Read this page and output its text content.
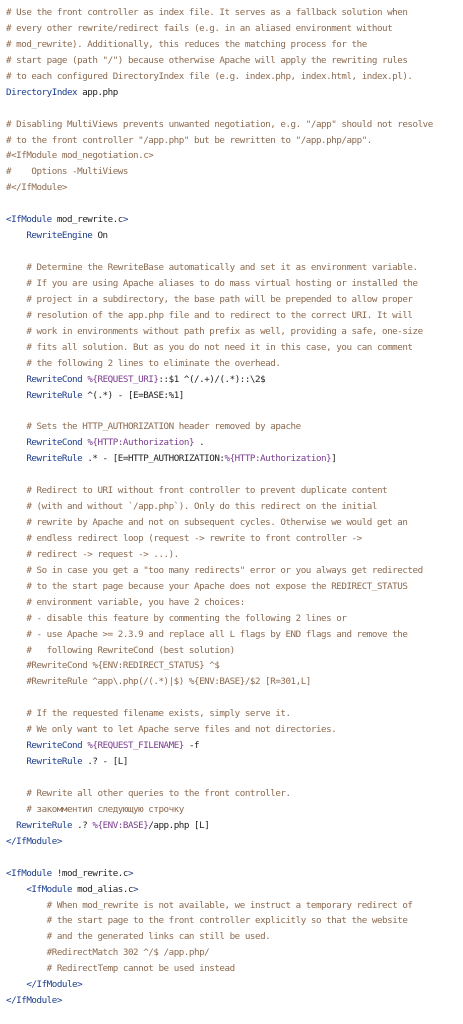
# Use the front controller as index file. It serves as a fallback solution when
# every other rewrite/redirect fails (e.g. in an aliased environment without
# mod_rewrite). Additionally, this reduces the matching process for the
# start page (path "/") because otherwise Apache will apply the rewriting rules
# to each configured DirectoryIndex file (e.g. index.php, index.html, index.pl).
DirectoryIndex app.php

# Disabling MultiViews prevents unwanted negotiation, e.g. "/app" should not resolve
# to the front controller "/app.php" but be rewritten to "/app.php/app".
#<IfModule mod_negotiation.c>
#    Options -MultiViews
#</IfModule>

<IfModule mod_rewrite.c>
RewriteEngine On

# Determine the RewriteBase automatically and set it as environment variable.
# If you are using Apache aliases to do mass virtual hosting or installed the
# project in a subdirectory, the base path will be prepended to allow proper
# resolution of the app.php file and to redirect to the correct URI. It will
# work in environments without path prefix as well, providing a safe, one-size
# fits all solution. But as you do not need it in this case, you can comment
# the following 2 lines to eliminate the overhead.
RewriteCond %{REQUEST_URI}::$1 ^(/.+)/(.*)::\2$
RewriteRule ^(.*) - [E=BASE:%1]

# Sets the HTTP_AUTHORIZATION header removed by apache
RewriteCond %{HTTP:Authorization} .
RewriteRule .* - [E=HTTP_AUTHORIZATION:%{HTTP:Authorization}]

# Redirect to URI without front controller to prevent duplicate content
# (with and without `/app.php`). Only do this redirect on the initial
# rewrite by Apache and not on subsequent cycles. Otherwise we would get an
# endless redirect loop (request -> rewrite to front controller ->
# redirect -> request -> ...).
# So in case you get a "too many redirects" error or you always get redirected
# to the start page because your Apache does not expose the REDIRECT_STATUS
# environment variable, you have 2 choices:
# - disable this feature by commenting the following 2 lines or
# - use Apache >= 2.3.9 and replace all L flags by END flags and remove the
#   following RewriteCond (best solution)
#RewriteCond %{ENV:REDIRECT_STATUS} ^$
#RewriteRule ^app\.php(/(.*)|$) %{ENV:BASE}/$2 [R=301,L]

# If the requested filename exists, simply serve it.
# We only want to let Apache serve files and not directories.
RewriteCond %{REQUEST_FILENAME} -f
RewriteRule .? - [L]

# Rewrite all other queries to the front controller.
# закомментил следующую строчку
RewriteRule .? %{ENV:BASE}/app.php [L]
</IfModule>

<IfModule !mod_rewrite.c>
<IfModule mod_alias.c>
# When mod_rewrite is not available, we instruct a temporary redirect of
# the start page to the front controller explicitly so that the website
# and the generated links can still be used.
#RedirectMatch 302 ^/$ /app.php/
# RedirectTemp cannot be used instead
</IfModule>
</IfModule>
